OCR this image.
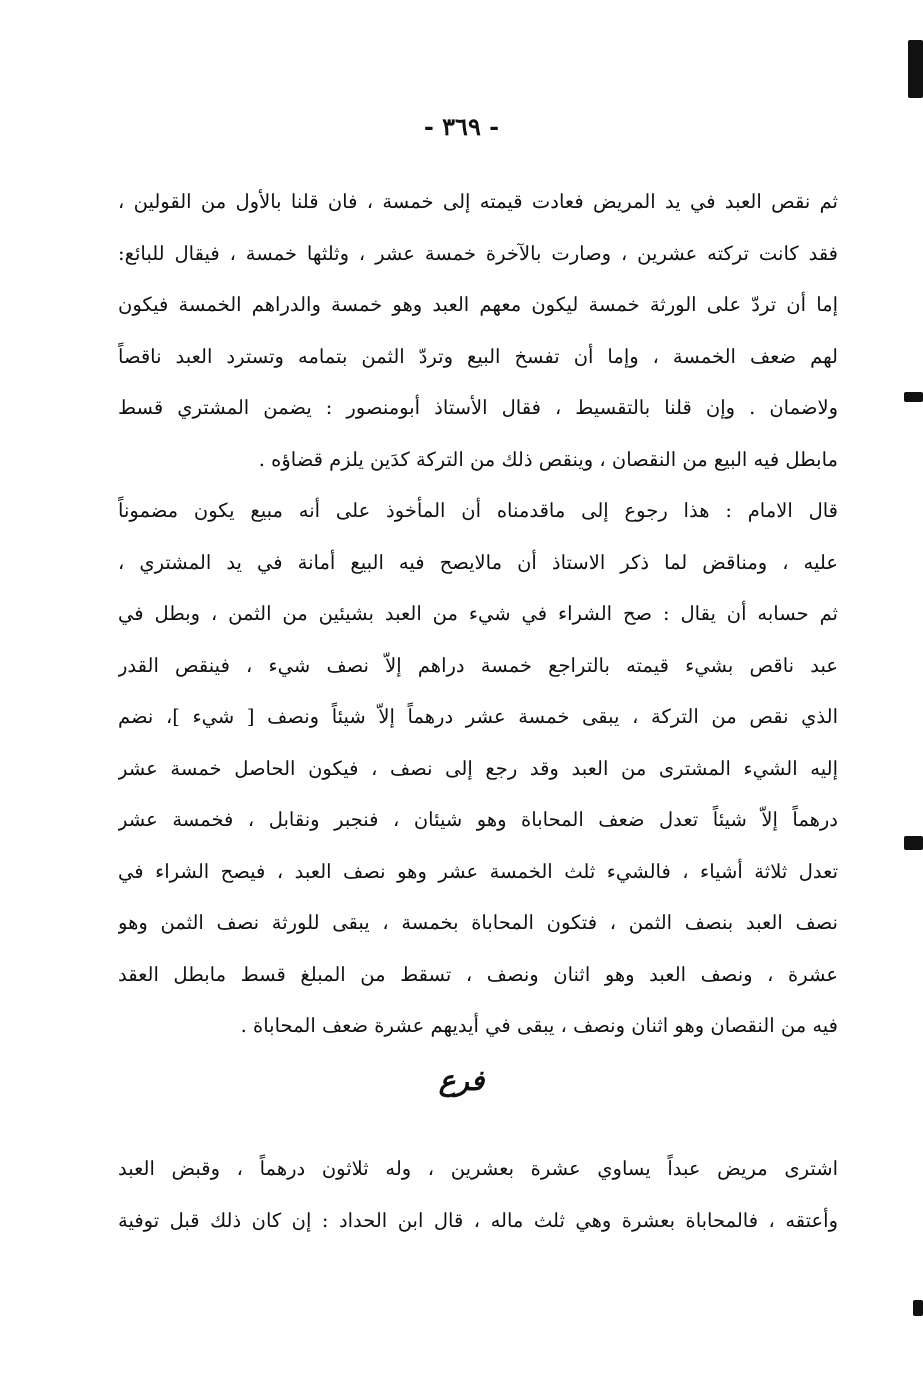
- ٣٦٩ -
ثم نقص العبد في يد المريض فعادت قيمته إلى خمسة ، فان قلنا بالأول من القولين ،
فقد كانت تركته عشرين ، وصارت بالآخرة خمسة عشر ، وثلثها خمسة ، فيقال للبائع:
إما أن تردّ على الورثة خمسة ليكون معهم العبد وهو خمسة والدراهم الخمسة فيكون
لهم ضعف الخمسة ، وإما أن تفسخ البيع وتردّ الثمن بتمامه وتسترد العبد ناقصاً
ولاضمان . وإن قلنا بالتقسيط ، فقال الأستاذ أبومنصور : يضمن المشتري قسط
مابطل فيه البيع من النقصان ، وينقص ذلك من التركة كدَين يلزم قضاؤه .
قال الامام : هذا رجوع إلى ماقدمناه أن المأخوذ على أنه مبيع يكون مضموناً
عليه ، ومناقض لما ذكر الاستاذ أن مالايصح فيه البيع أمانة في يد المشتري ،
ثم حسابه أن يقال : صح الشراء في شيء من العبد بشيئين من الثمن ، وبطل في
عبد ناقص بشيء قيمته بالتراجع خمسة دراهم إلاّ نصف شيء ، فينقص القدر
الذي نقص من التركة ، يبقى خمسة عشر درهماً إلاّ شيئاً ونصف [ شيء ]، نضم
إليه الشيء المشترى من العبد وقد رجع إلى نصف ، فيكون الحاصل خمسة عشر
درهماً إلاّ شيئاً تعدل ضعف المحاباة وهو شيئان ، فنجبر ونقابل ، فخمسة عشر
تعدل ثلاثة أشياء ، فالشيء ثلث الخمسة عشر وهو نصف العبد ، فيصح الشراء في
نصف العبد بنصف الثمن ، فتكون المحاباة بخمسة ، يبقى للورثة نصف الثمن وهو
عشرة ، ونصف العبد وهو اثنان ونصف ، تسقط من المبلغ قسط مابطل العقد
فيه من النقصان وهو اثنان ونصف ، يبقى في أيديهم عشرة ضعف المحاباة .
فرع
اشترى مريض عبداً يساوي عشرة بعشرين ، وله ثلاثون درهماً ، وقبض العبد
وأعتقه ، فالمحاباة بعشرة وهي ثلث ماله ، قال ابن الحداد : إن كان ذلك قبل توفية
